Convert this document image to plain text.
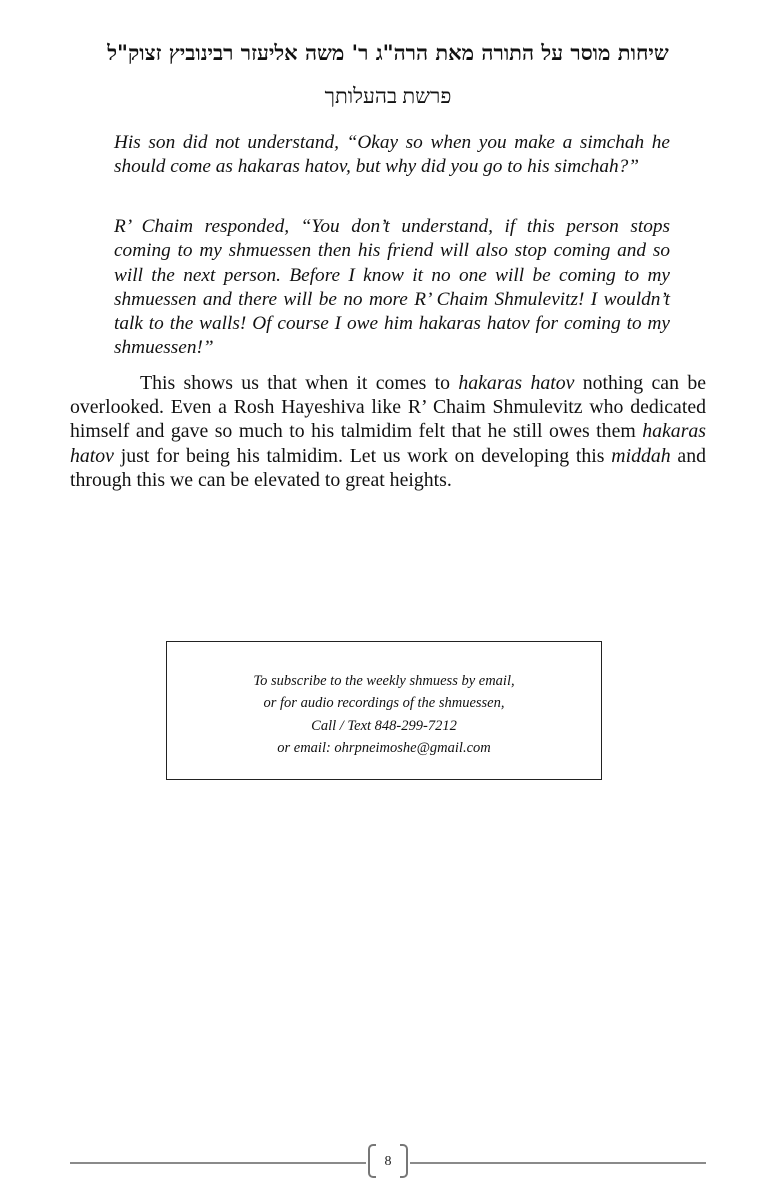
שיחות מוסר על התורה מאת הרה"ג ר' משה אליעזר רבינוביץ זצוק"ל
פרשת בהעלותך

His son did not understand, “Okay so when you make a simchah he should come as hakaras hatov, but why did you go to his simchah?”

R’ Chaim responded, “You don’t understand, if this person stops coming to my shmuessen then his friend will also stop coming and so will the next person. Before I know it no one will be coming to my shmuessen and there will be no more R’ Chaim Shmulevitz! I wouldn’t talk to the walls! Of course I owe him hakaras hatov for coming to my shmuessen!”

This shows us that when it comes to hakaras hatov nothing can be overlooked. Even a Rosh Hayeshiva like R’ Chaim Shmulevitz who dedicated himself and gave so much to his talmidim felt that he still owes them hakaras hatov just for being his talmidim. Let us work on developing this middah and through this we can be elevated to great heights.

To subscribe to the weekly shmuess by email,
or for audio recordings of the shmuessen,
Call / Text 848-299-7212
or email: ohrpneimoshe@gmail.com
8
